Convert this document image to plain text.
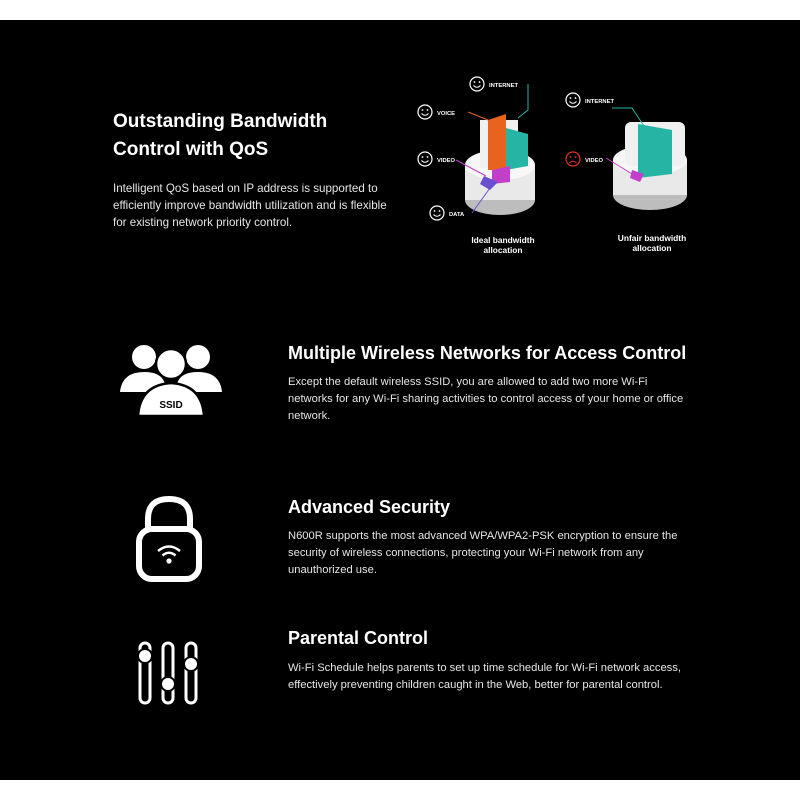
Outstanding Bandwidth
Control with QoS

Intelligent QoS based on IP address is supported to efficiently improve bandwidth utilization and is flexible for existing network priority control.

INTERNET
VOICE
VIDEO
DATA
Ideal bandwidth
allocation
INTERNET
VIDEO
Unfair bandwidth
allocation
SSID
Multiple Wireless Networks for Access Control

Except the default wireless SSID, you are allowed to add two more Wi-Fi networks for any Wi-Fi sharing activities to control access of your home or office network.

Advanced Security

N600R supports the most advanced WPA/WPA2-PSK encryption to ensure the security of wireless connections, protecting your Wi-Fi network from any unauthorized use.

Parental Control

Wi-Fi Schedule helps parents to set up time schedule for Wi-Fi network access, effectively preventing children caught in the Web, better for parental control.
